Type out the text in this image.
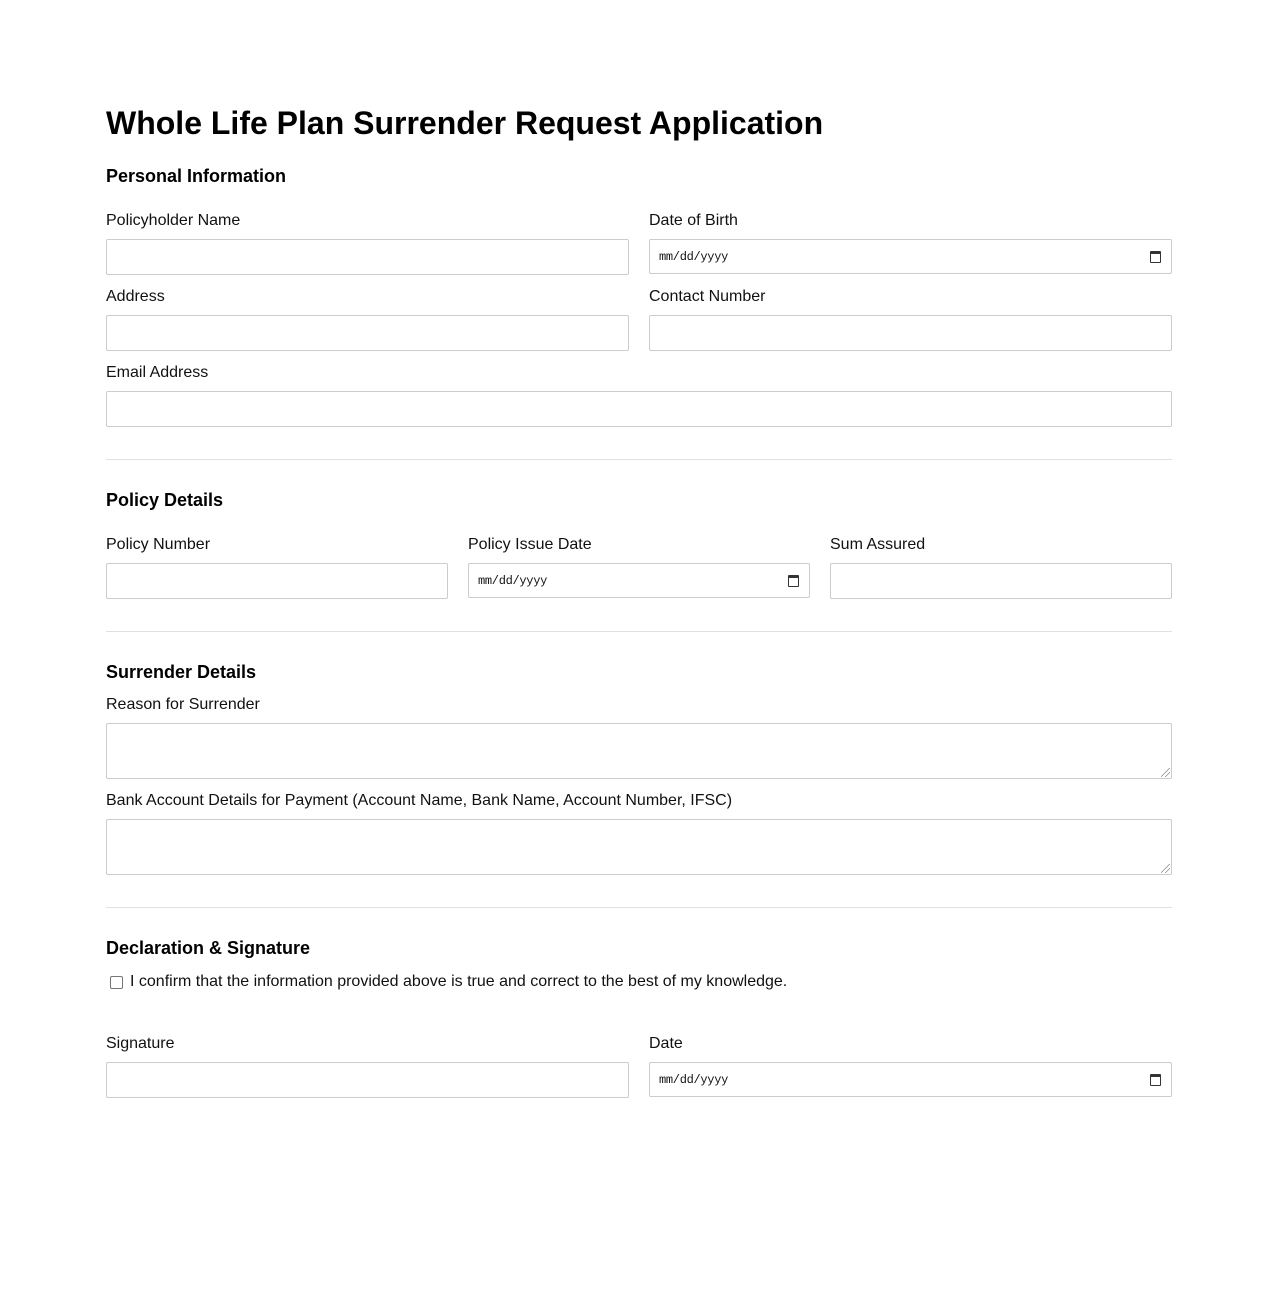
Whole Life Plan Surrender Request Application
Personal Information
Policyholder Name	Date of Birth
mm/dd/yyyy
Address	Contact Number
Email Address
Policy Details
Policy Number	Policy Issue Date
mm/dd/yyyy
Sum Assured
Surrender Details
Reason for Surrender
Bank Account Details for Payment (Account Name, Bank Name, Account Number, IFSC)
Declaration & Signature
I confirm that the information provided above is true and correct to the best of my knowledge.
Signature	Date
mm/dd/yyyy
